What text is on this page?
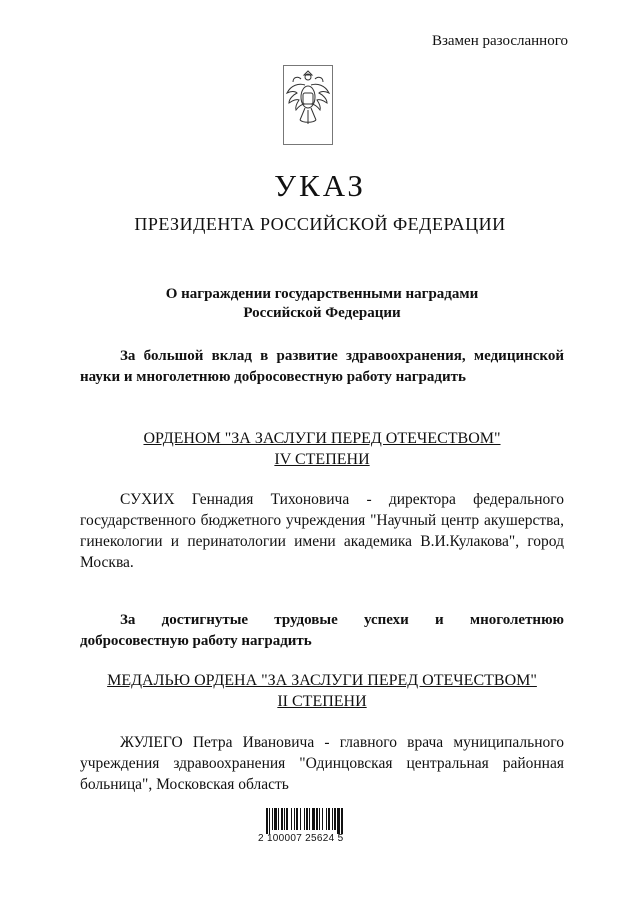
Взамен разосланного
УКАЗ
ПРЕЗИДЕНТА РОССИЙСКОЙ ФЕДЕРАЦИИ
О награждении государственными наградами
Российской Федерации
За большой вклад в развитие здравоохранения, медицинской науки и многолетнюю добросовестную работу наградить
ОРДЕНОМ "ЗА ЗАСЛУГИ ПЕРЕД ОТЕЧЕСТВОМ"
IV СТЕПЕНИ
СУХИХ Геннадия Тихоновича - директора федерального государственного бюджетного учреждения "Научный центр акушерства, гинекологии и перинатологии имени академика В.И.Кулакова", город Москва.
За достигнутые трудовые успехи и многолетнюю добросовестную работу наградить
МЕДАЛЬЮ ОРДЕНА "ЗА ЗАСЛУГИ ПЕРЕД ОТЕЧЕСТВОМ"
II СТЕПЕНИ
ЖУЛЕГО Петра Ивановича - главного врача муниципального учреждения здравоохранения "Одинцовская центральная районная больница", Московская область
2 100007 25624 5
